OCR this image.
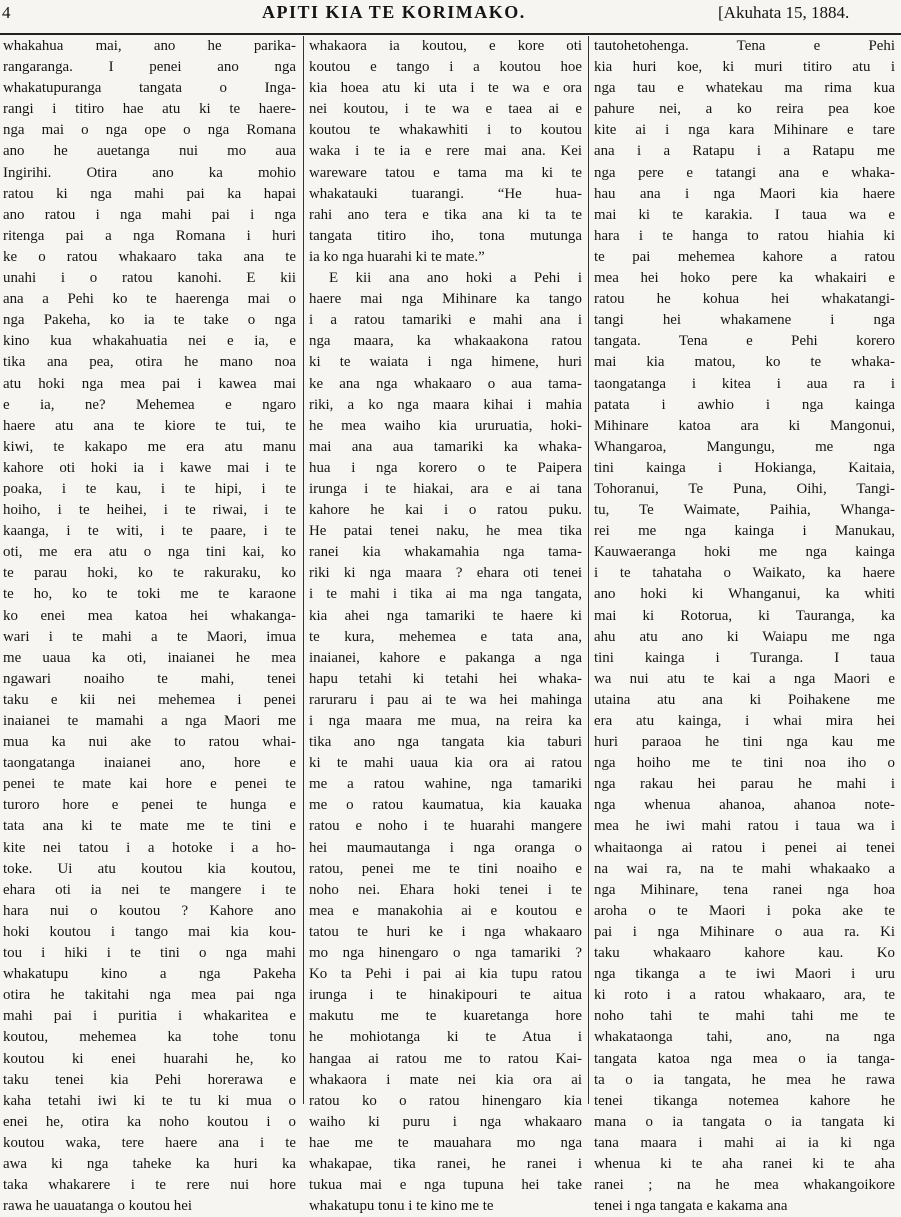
4	APITI KIA TE KORIMAKO.	[Akuhata 15, 1884.
whakahua mai, ano he parika-
rangaranga. I penei ano nga
whakatupuranga tangata o Inga-
rangi i titiro hae atu ki te haere-
nga mai o nga ope o nga Romana
ano he auetanga nui mo aua
Ingirihi. Otira ano ka mohio
ratou ki nga mahi pai ka hapai
ano ratou i nga mahi pai i nga
ritenga pai a nga Romana i huri
ke o ratou whakaaro taka ana te
unahi i o ratou kanohi. E kii
ana a Pehi ko te haerenga mai o
nga Pakeha, ko ia te take o nga
kino kua whakahuatia nei e ia, e
tika ana pea, otira he mano noa
atu hoki nga mea pai i kawea mai
e ia, ne? Mehemea e ngaro
haere atu ana te kiore te tui, te
kiwi, te kakapo me era atu manu
kahore oti hoki ia i kawe mai i te
poaka, i te kau, i te hipi, i te
hoiho, i te heihei, i te riwai, i te
kaanga, i te witi, i te paare, i te
oti, me era atu o nga tini kai, ko
te parau hoki, ko te rakuraku, ko
te ho, ko te toki me te karaone
ko enei mea katoa hei whakanga-
wari i te mahi a te Maori, imua
me uaua ka oti, inaianei he mea
ngawari noaiho te mahi, tenei
taku e kii nei mehemea i penei
inaianei te mamahi a nga Maori me
mua ka nui ake to ratou whai-
taongatanga inaianei ano, hore e
penei te mate kai hore e penei te
turoro hore e penei te hunga e
tata ana ki te mate me te tini e
kite nei tatou i a hotoke i a ho-
toke. Ui atu koutou kia koutou,
ehara oti ia nei te mangere i te
hara nui o koutou ? Kahore ano
hoki koutou i tango mai kia kou-
tou i hiki i te tini o nga mahi
whakatupu kino a nga Pakeha
otira he takitahi nga mea pai nga
mahi pai i puritia i whakaritea e
koutou, mehemea ka tohe tonu
koutou ki enei huarahi he, ko
taku tenei kia Pehi horerawa e
kaha tetahi iwi ki te tu ki mua o
enei he, otira ka noho koutou i o
koutou waka, tere haere ana i te
awa ki nga taheke ka huri ka
taka whakarere i te rere nui hore
rawa he uauatanga o koutou hei
whakaora ia koutou, e kore oti
koutou e tango i a koutou hoe
kia hoea atu ki uta i te wa e ora
nei koutou, i te wa e taea ai e
koutou te whakawhiti i to koutou
waka i te ia e rere mai ana. Kei
wareware tatou e tama ma ki te
whakatauki tuarangi. “He hua-
rahi ano tera e tika ana ki ta te
tangata titiro iho, tona mutunga
ia ko nga huarahi ki te mate.”
E kii ana ano hoki a Pehi i
haere mai nga Mihinare ka tango
i a ratou tamariki e mahi ana i
nga maara, ka whakaakona ratou
ki te waiata i nga himene, huri
ke ana nga whakaaro o aua tama-
riki, a ko nga maara kihai i mahia
he mea waiho kia ururuatia, hoki-
mai ana aua tamariki ka whaka-
hua i nga korero o te Paipera
irunga i te hiakai, ara e ai tana
kahore he kai i o ratou puku.
He patai tenei naku, he mea tika
ranei kia whakamahia nga tama-
riki ki nga maara ? ehara oti tenei
i te mahi i tika ai ma nga tangata,
kia ahei nga tamariki te haere ki
te kura, mehemea e tata ana,
inaianei, kahore e pakanga a nga
hapu tetahi ki tetahi hei whaka-
raruraru i pau ai te wa hei mahinga
i nga maara me mua, na reira ka
tika ano nga tangata kia taburi
ki te mahi uaua kia ora ai ratou
me a ratou wahine, nga tamariki
me o ratou kaumatua, kia kauaka
ratou e noho i te huarahi mangere
hei maumautanga i nga oranga o
ratou, penei me te tini noaiho e
noho nei. Ehara hoki tenei i te
mea e manakohia ai e koutou e
tatou te huri ke i nga whakaaro
mo nga hinengaro o nga tamariki ?
Ko ta Pehi i pai ai kia tupu ratou
irunga i te hinakipouri te aitua
makutu me te kuaretanga hore
he mohiotanga ki te Atua i
hangaa ai ratou me to ratou Kai-
whakaora i mate nei kia ora ai
ratou ko o ratou hinengaro kia
waiho ki puru i nga whakaaro
hae me te mauahara mo nga
whakapae, tika ranei, he ranei i
tukua mai e nga tupuna hei take
whakatupu tonu i te kino me te
tautohetohenga. Tena e Pehi
kia huri koe, ki muri titiro atu i
nga tau e whatekau ma rima kua
pahure nei, a ko reira pea koe
kite ai i nga kara Mihinare e tare
ana i a Ratapu i a Ratapu me
nga pere e tatangi ana e whaka-
hau ana i nga Maori kia haere
mai ki te karakia. I taua wa e
hara i te hanga to ratou hiahia ki
te pai mehemea kahore a ratou
mea hei hoko pere ka whakairi e
ratou he kohua hei whakatangi-
tangi hei whakamene i nga
tangata. Tena e Pehi korero
mai kia matou, ko te whaka-
taongatanga i kitea i aua ra i
patata i awhio i nga kainga
Mihinare katoa ara ki Mangonui,
Whangaroa, Mangungu, me nga
tini kainga i Hokianga, Kaitaia,
Tohoranui, Te Puna, Oihi, Tangi-
tu, Te Waimate, Paihia, Whanga-
rei me nga kainga i Manukau,
Kauwaeranga hoki me nga kainga
i te tahataha o Waikato, ka haere
ano hoki ki Whanganui, ka whiti
mai ki Rotorua, ki Tauranga, ka
ahu atu ano ki Waiapu me nga
tini kainga i Turanga. I taua
wa nui atu te kai a nga Maori e
utaina atu ana ki Poihakene me
era atu kainga, i whai mira hei
huri paraoa he tini nga kau me
nga hoiho me te tini noa iho o
nga rakau hei parau he mahi i
nga whenua ahanoa, ahanoa note-
mea he iwi mahi ratou i taua wa i
whaitaonga ai ratou i penei ai tenei
na wai ra, na te mahi whakaako a
nga Mihinare, tena ranei nga hoa
aroha o te Maori i poka ake te
pai i nga Mihinare o aua ra. Ki
taku whakaaro kahore kau. Ko
nga tikanga a te iwi Maori i uru
ki roto i a ratou whakaaro, ara, te
noho tahi te mahi tahi me te
whakataonga tahi, ano, na nga
tangata katoa nga mea o ia tanga-
ta o ia tangata, he mea he rawa
tenei tikanga notemea kahore he
mana o ia tangata o ia tangata ki
tana maara i mahi ai ia ki nga
whenua ki te aha ranei ki te aha
ranei ; na he mea whakangoikore
tenei i nga tangata e kakama ana
